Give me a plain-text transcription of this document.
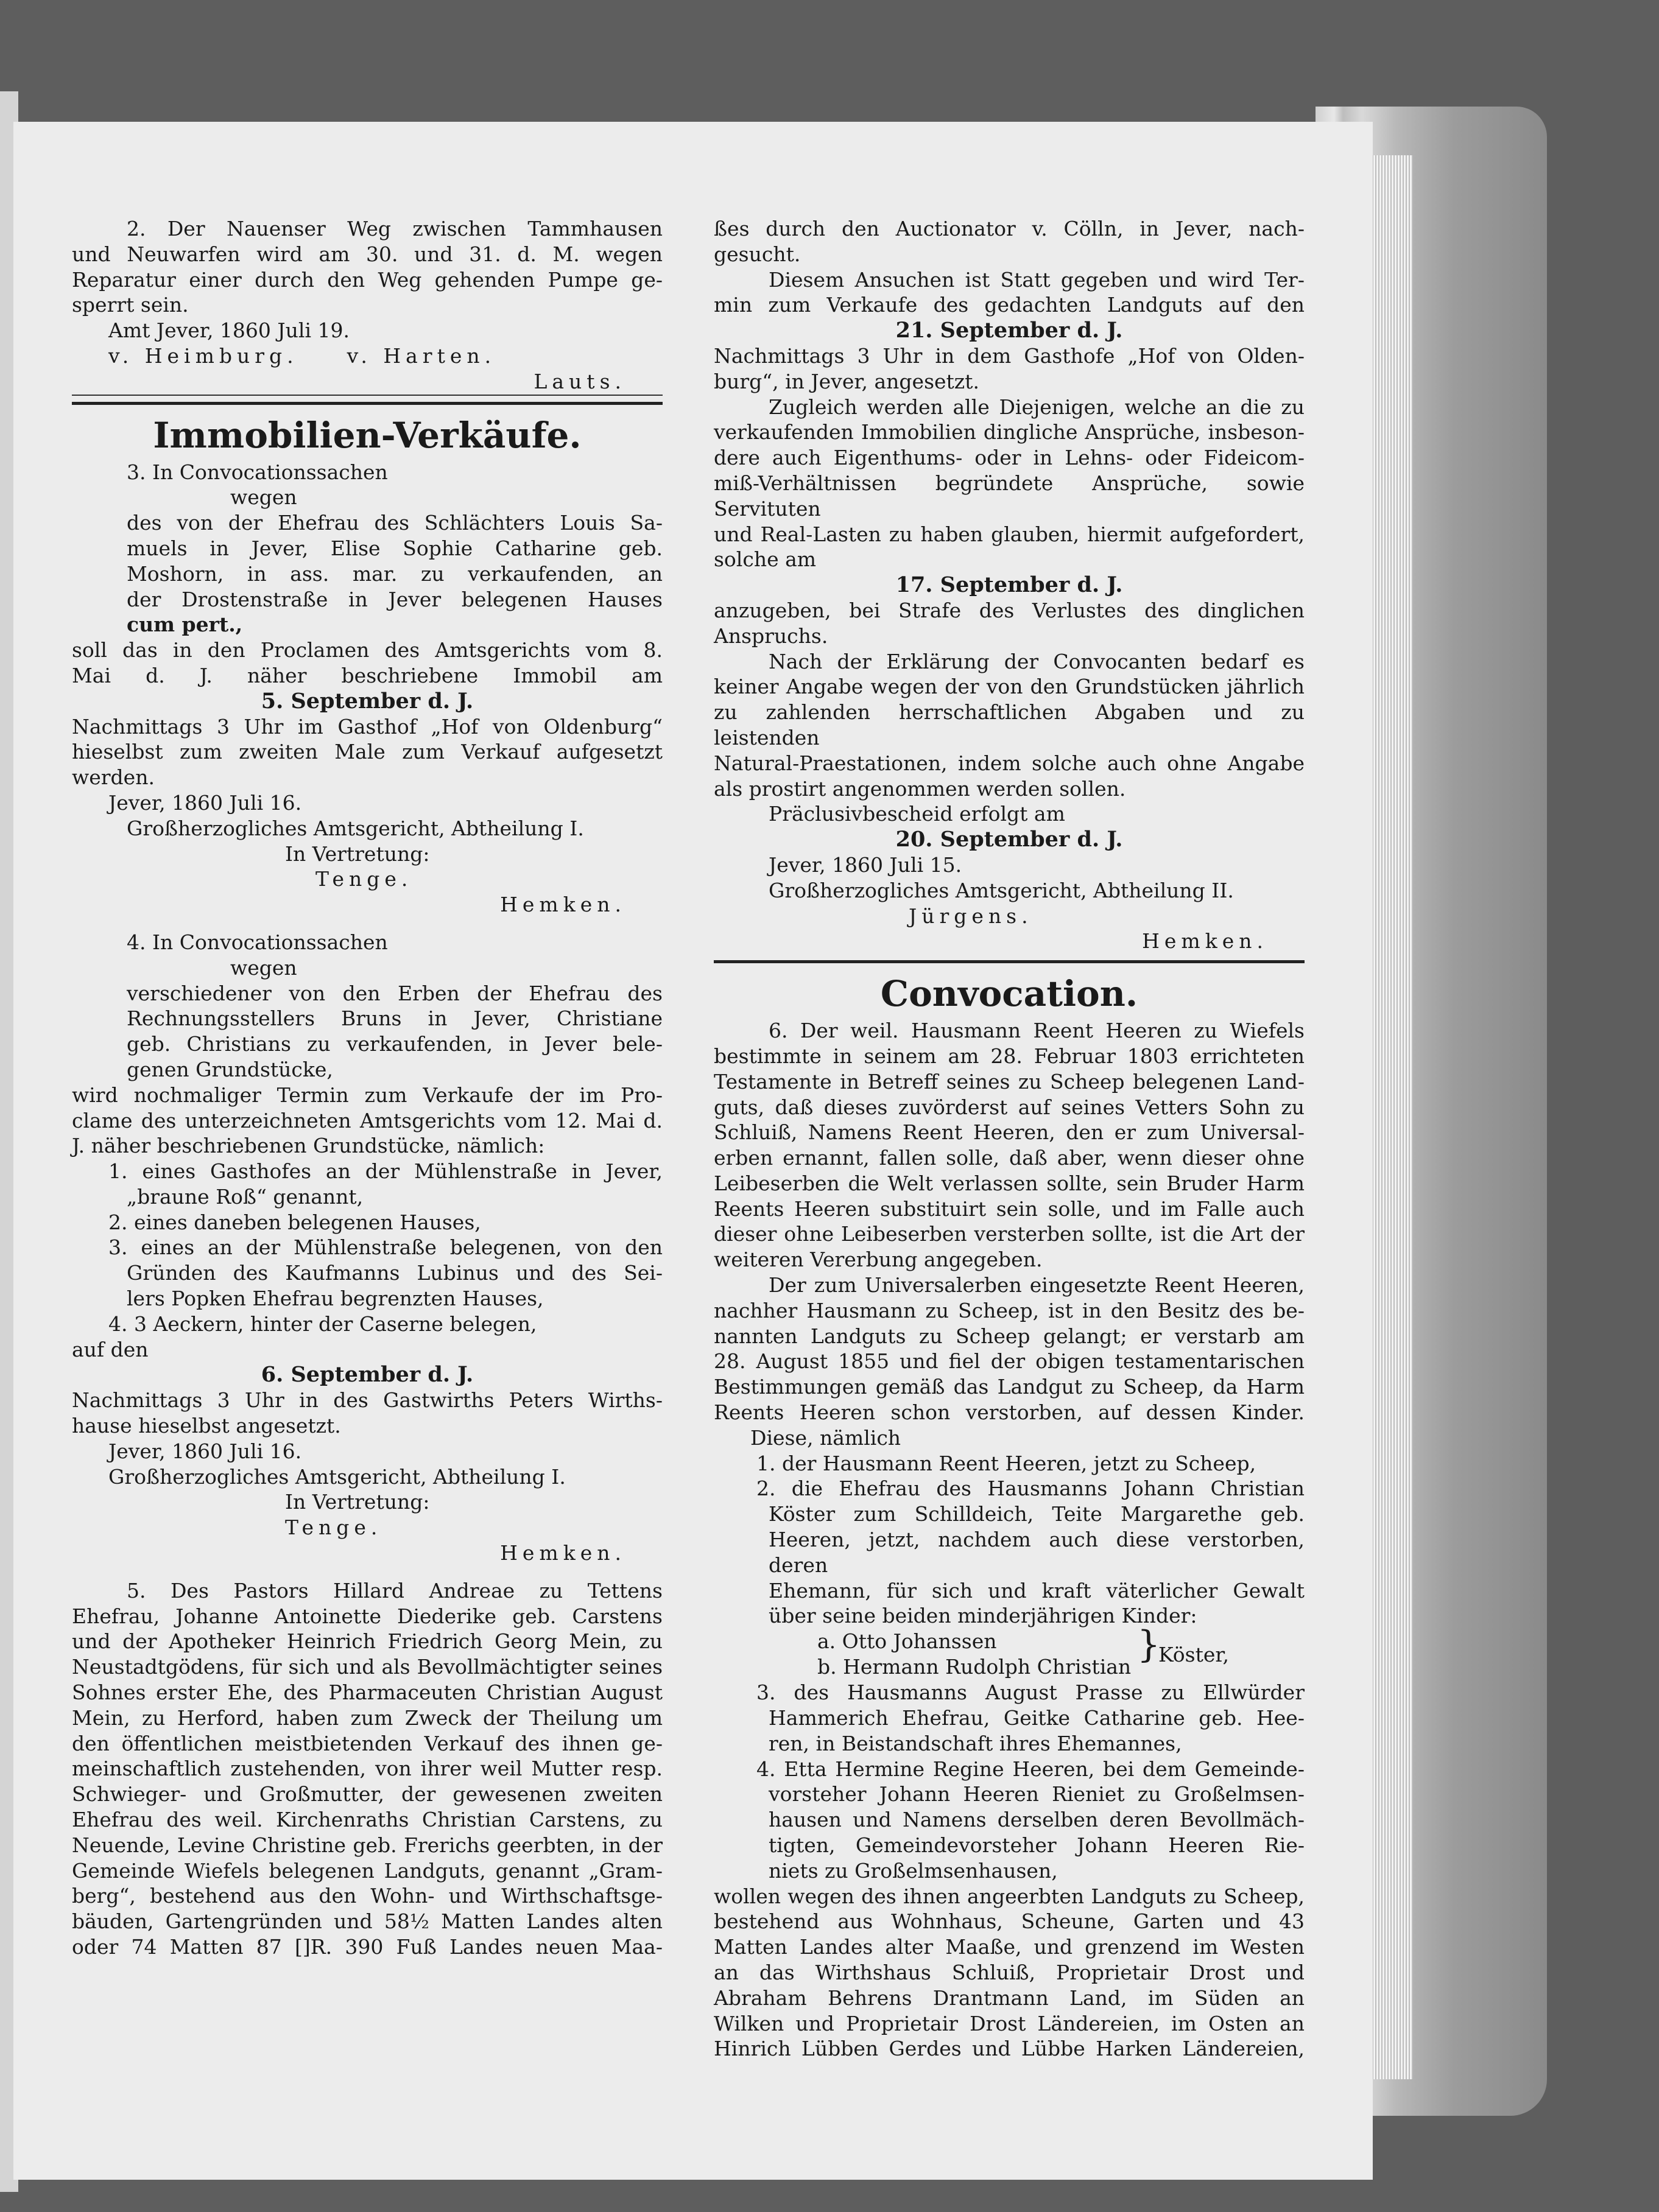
2. Der Nauenser Weg zwischen Tammhausen

und Neuwarfen wird am 30. und 31. d. M. wegen

Reparatur einer durch den Weg gehenden Pumpe ge-

sperrt sein.

Amt Jever, 1860 Juli 19.

v. Heimburg. v. Harten.

Lauts.

Immobilien-Verkäufe.

3. In Convocationssachen

wegen

des von der Ehefrau des Schlächters Louis Sa-

muels in Jever, Elise Sophie Catharine geb.

Moshorn, in ass. mar. zu verkaufenden, an

der Drostenstraße in Jever belegenen Hauses

cum pert.,

soll das in den Proclamen des Amtsgerichts vom 8.

Mai d. J. näher beschriebene Immobil am

5. September d. J.

Nachmittags 3 Uhr im Gasthof „Hof von Oldenburg“

hieselbst zum zweiten Male zum Verkauf aufgesetzt

werden.

Jever, 1860 Juli 16.

Großherzogliches Amtsgericht, Abtheilung I.

In Vertretung:

Tenge.

Hemken.

4. In Convocationssachen

wegen

verschiedener von den Erben der Ehefrau des

Rechnungsstellers Bruns in Jever, Christiane

geb. Christians zu verkaufenden, in Jever bele-

genen Grundstücke,

wird nochmaliger Termin zum Verkaufe der im Pro-

clame des unterzeichneten Amtsgerichts vom 12. Mai d.

J. näher beschriebenen Grundstücke, nämlich:

1. eines Gasthofes an der Mühlenstraße in Jever,

„braune Roß“ genannt,

2. eines daneben belegenen Hauses,

3. eines an der Mühlenstraße belegenen, von den

Gründen des Kaufmanns Lubinus und des Sei-

lers Popken Ehefrau begrenzten Hauses,

4. 3 Aeckern, hinter der Caserne belegen,

auf den

6. September d. J.

Nachmittags 3 Uhr in des Gastwirths Peters Wirths-

hause hieselbst angesetzt.

Jever, 1860 Juli 16.

Großherzogliches Amtsgericht, Abtheilung I.

In Vertretung:

Tenge.

Hemken.

5. Des Pastors Hillard Andreae zu Tettens

Ehefrau, Johanne Antoinette Diederike geb. Carstens

und der Apotheker Heinrich Friedrich Georg Mein, zu

Neustadtgödens, für sich und als Bevollmächtigter seines

Sohnes erster Ehe, des Pharmaceuten Christian August

Mein, zu Herford, haben zum Zweck der Theilung um

den öffentlichen meistbietenden Verkauf des ihnen ge-

meinschaftlich zustehenden, von ihrer weil Mutter resp.

Schwieger- und Großmutter, der gewesenen zweiten

Ehefrau des weil. Kirchenraths Christian Carstens, zu

Neuende, Levine Christine geb. Frerichs geerbten, in der

Gemeinde Wiefels belegenen Landguts, genannt „Gram-

berg“, bestehend aus den Wohn- und Wirthschaftsge-

bäuden, Gartengründen und 58½ Matten Landes alten

oder 74 Matten 87 []R. 390 Fuß Landes neuen Maa-

ßes durch den Auctionator v. Cölln, in Jever, nach-

gesucht.

Diesem Ansuchen ist Statt gegeben und wird Ter-

min zum Verkaufe des gedachten Landguts auf den

21. September d. J.

Nachmittags 3 Uhr in dem Gasthofe „Hof von Olden-

burg“, in Jever, angesetzt.

Zugleich werden alle Diejenigen, welche an die zu

verkaufenden Immobilien dingliche Ansprüche, insbeson-

dere auch Eigenthums- oder in Lehns- oder Fideicom-

miß-Verhältnissen begründete Ansprüche, sowie Servituten

und Real-Lasten zu haben glauben, hiermit aufgefordert,

solche am

17. September d. J.

anzugeben, bei Strafe des Verlustes des dinglichen

Anspruchs.

Nach der Erklärung der Convocanten bedarf es

keiner Angabe wegen der von den Grundstücken jährlich

zu zahlenden herrschaftlichen Abgaben und zu leistenden

Natural-Praestationen, indem solche auch ohne Angabe

als prostirt angenommen werden sollen.

Präclusivbescheid erfolgt am

20. September d. J.

Jever, 1860 Juli 15.

Großherzogliches Amtsgericht, Abtheilung II.

Jürgens.

Hemken.

Convocation.

6. Der weil. Hausmann Reent Heeren zu Wiefels

bestimmte in seinem am 28. Februar 1803 errichteten

Testamente in Betreff seines zu Scheep belegenen Land-

guts, daß dieses zuvörderst auf seines Vetters Sohn zu

Schluiß, Namens Reent Heeren, den er zum Universal-

erben ernannt, fallen solle, daß aber, wenn dieser ohne

Leibeserben die Welt verlassen sollte, sein Bruder Harm

Reents Heeren substituirt sein solle, und im Falle auch

dieser ohne Leibeserben versterben sollte, ist die Art der

weiteren Vererbung angegeben.

Der zum Universalerben eingesetzte Reent Heeren,

nachher Hausmann zu Scheep, ist in den Besitz des be-

nannten Landguts zu Scheep gelangt; er verstarb am

28. August 1855 und fiel der obigen testamentarischen

Bestimmungen gemäß das Landgut zu Scheep, da Harm

Reents Heeren schon verstorben, auf dessen Kinder.

Diese, nämlich

1. der Hausmann Reent Heeren, jetzt zu Scheep,

2. die Ehefrau des Hausmanns Johann Christian

Köster zum Schilldeich, Teite Margarethe geb.

Heeren, jetzt, nachdem auch diese verstorben, deren

Ehemann, für sich und kraft väterlicher Gewalt

über seine beiden minderjährigen Kinder:

a. Otto Johanssen

b. Hermann Rudolph Christian

}
Köster,

3. des Hausmanns August Prasse zu Ellwürder

Hammerich Ehefrau, Geitke Catharine geb. Hee-

ren, in Beistandschaft ihres Ehemannes,

4. Etta Hermine Regine Heeren, bei dem Gemeinde-

vorsteher Johann Heeren Rieniet zu Großelmsen-

hausen und Namens derselben deren Bevollmäch-

tigten, Gemeindevorsteher Johann Heeren Rie-

niets zu Großelmsenhausen,

wollen wegen des ihnen angeerbten Landguts zu Scheep,

bestehend aus Wohnhaus, Scheune, Garten und 43

Matten Landes alter Maaße, und grenzend im Westen

an das Wirthshaus Schluiß, Proprietair Drost und

Abraham Behrens Drantmann Land, im Süden an

Wilken und Proprietair Drost Ländereien, im Osten an

Hinrich Lübben Gerdes und Lübbe Harken Ländereien,
